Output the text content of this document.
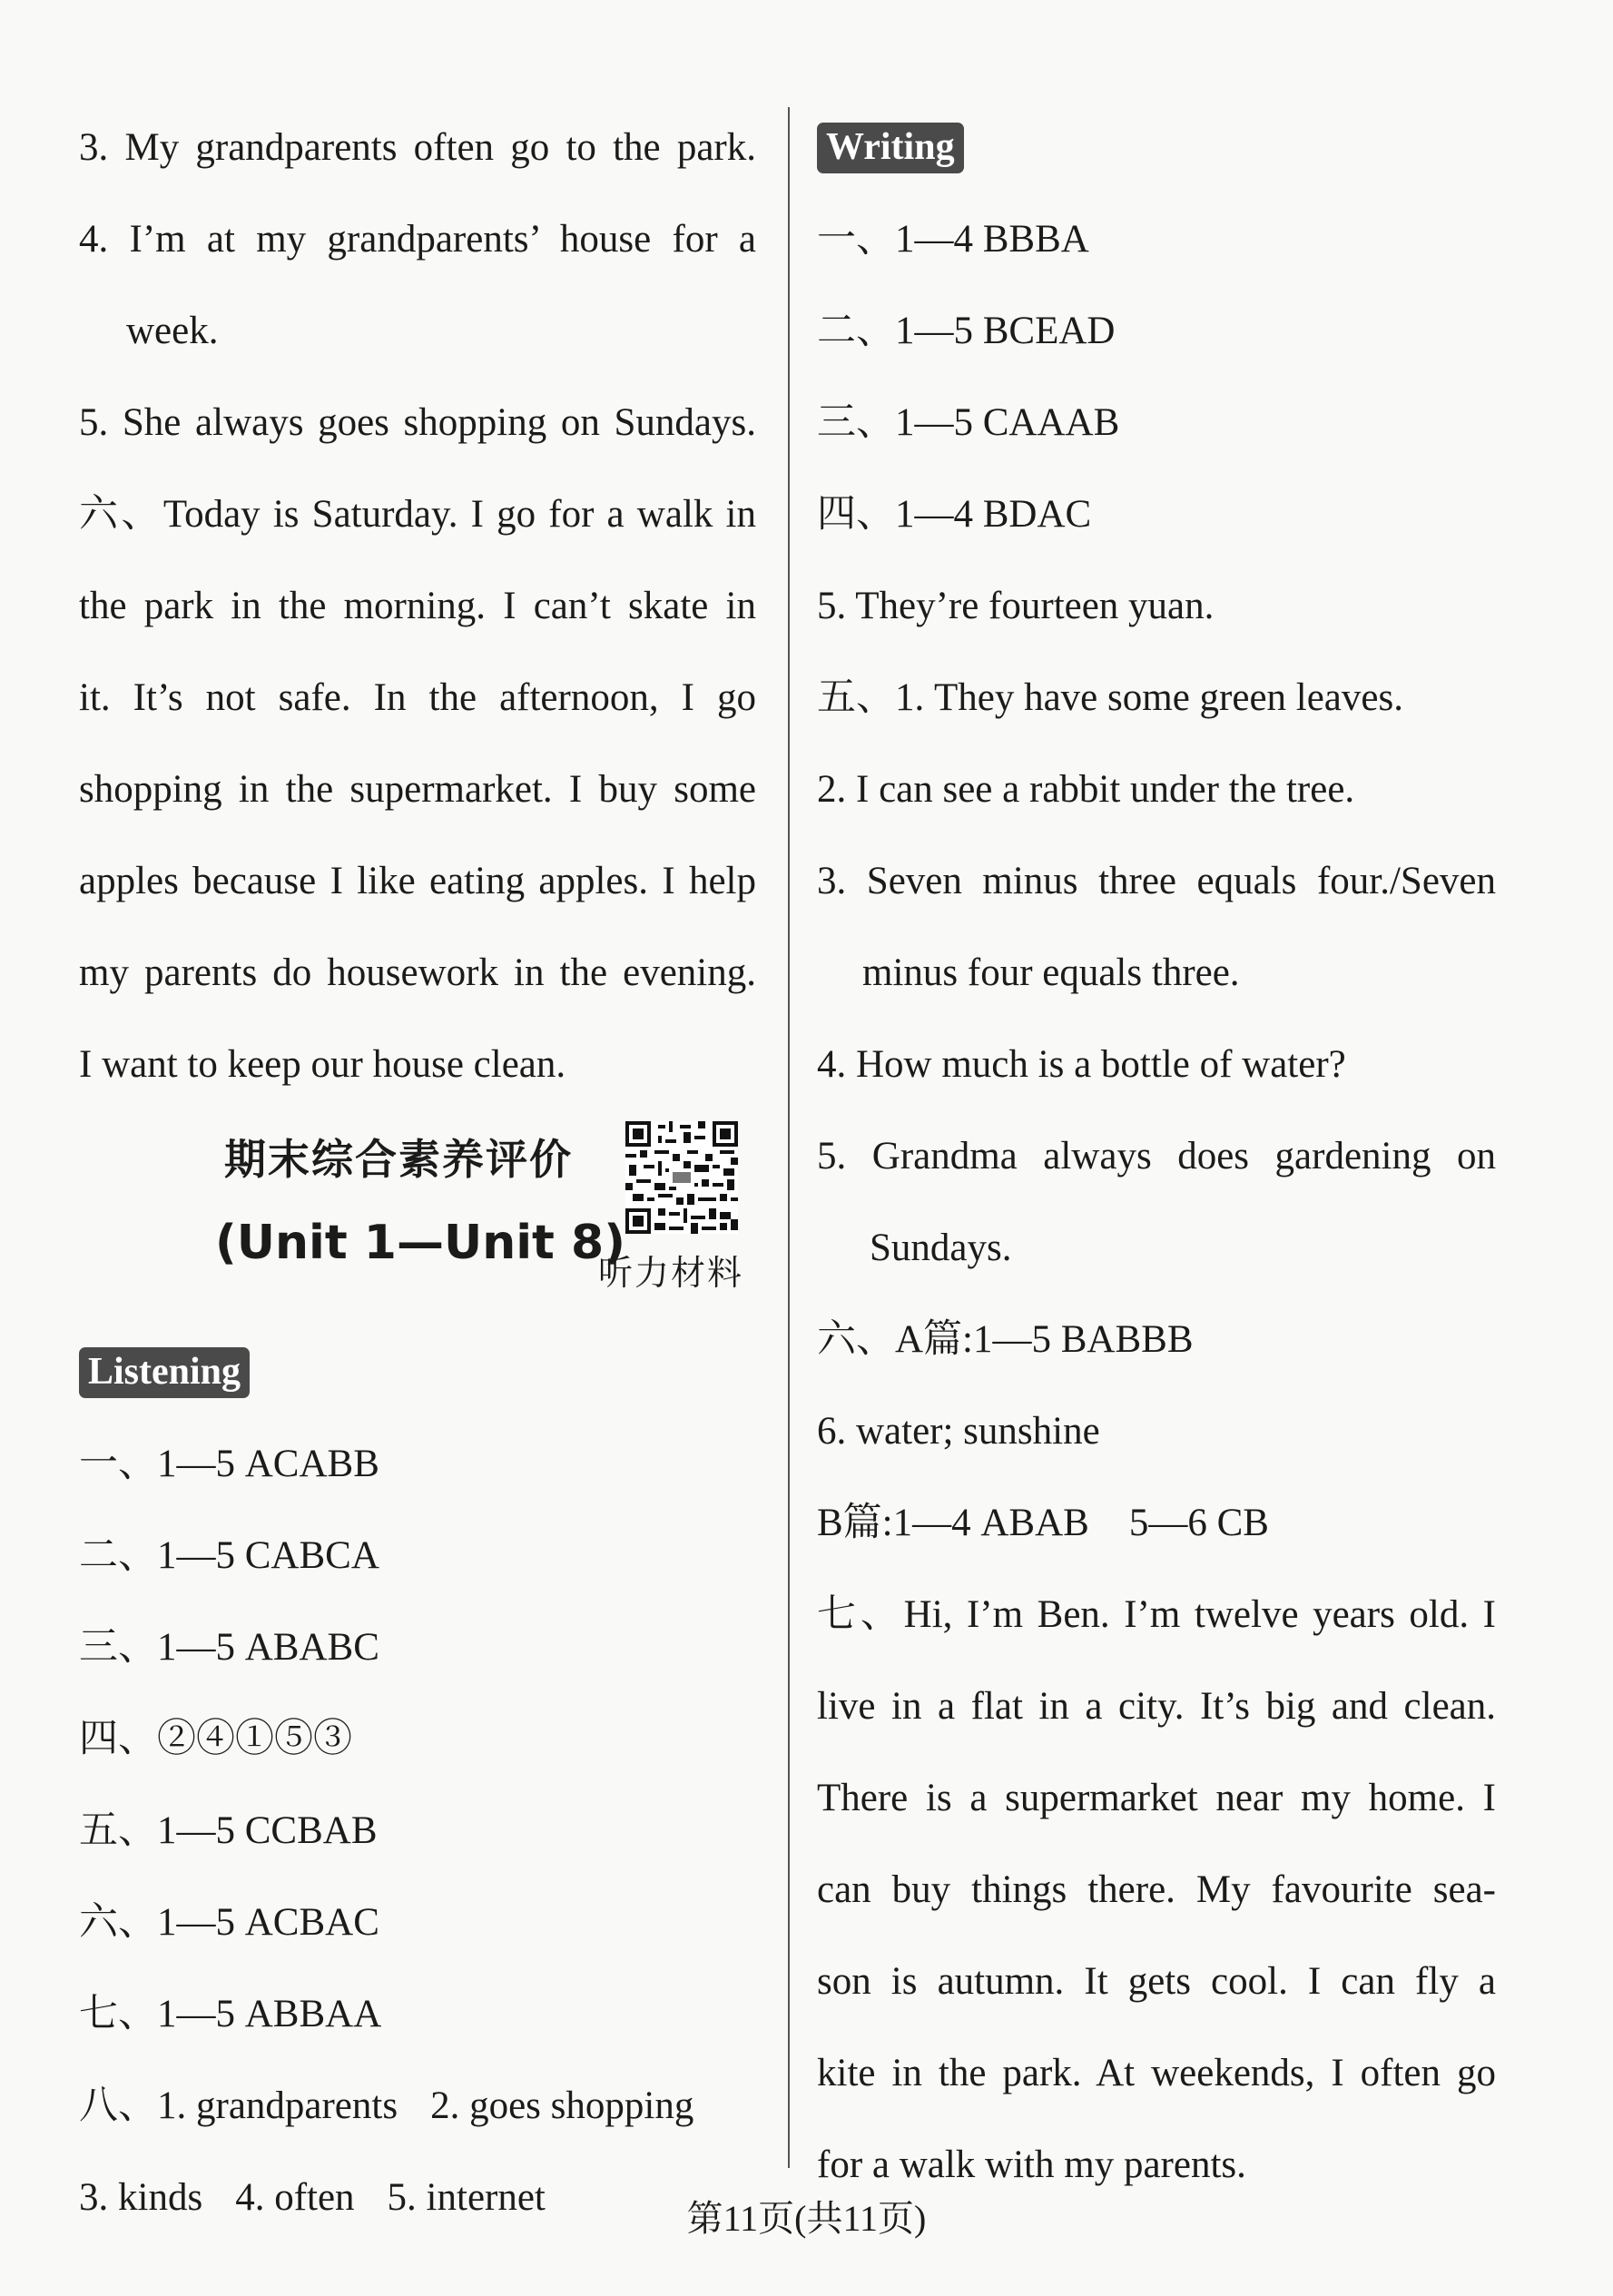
3. My grandparents often go to the park.
4. I’m at my grandparents’ house for a
week.
5. She always goes shopping on Sundays.
六、Today is Saturday. I go for a walk in
the park in the morning. I can’t skate in
it. It’s not safe. In the afternoon, I go
shopping in the supermarket. I buy some
apples because I like eating apples. I help
my parents do housework in the evening.
I want to keep our house clean.
期末综合素养评价
(Unit 1—Unit 8)
听力材料
Listening
一、1—5 ACABB
二、1—5 CABCA
三、1—5 ABABC
四、②④①⑤③
五、1—5 CCBAB
六、1—5 ACBAC
七、1—5 ABBAA
八、1. grandparents 2. goes shopping
3. kinds 4. often 5. internet
Writing
一、1—4 BBBA
二、1—5 BCEAD
三、1—5 CAAAB
四、1—4 BDAC
5. They’re fourteen yuan.
五、1. They have some green leaves.
2. I can see a rabbit under the tree.
3. Seven minus three equals four./Seven
minus four equals three.
4. How much is a bottle of water?
5. Grandma always does gardening on
Sundays.
六、A篇:1—5 BABBB
6. water; sunshine
B篇:1—4 ABAB 5—6 CB
七、Hi, I’m Ben. I’m twelve years old. I
live in a flat in a city. It’s big and clean.
There is a supermarket near my home. I
can buy things there. My favourite sea-
son is autumn. It gets cool. I can fly a
kite in the park. At weekends, I often go
for a walk with my parents.
第11页(共11页)
